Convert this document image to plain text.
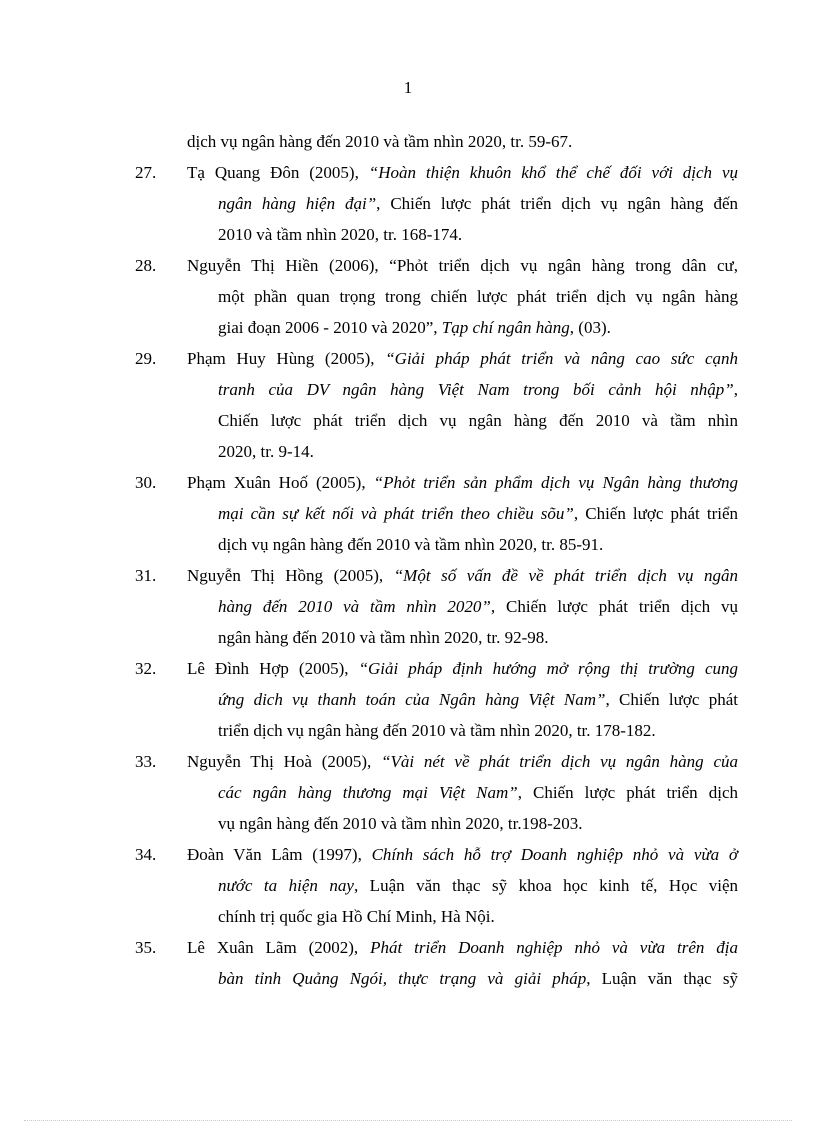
1
dịch vụ ngân hàng đến 2010 và tầm nhìn 2020, tr. 59-67.
27. Tạ Quang Đôn (2005), “Hoàn thiện khuôn khổ thể chế đối với dịch vụ
ngân hàng hiện đại”, Chiến lược phát triển dịch vụ ngân hàng đến
2010 và tầm nhìn 2020, tr. 168-174.
28. Nguyễn Thị Hiền (2006), “Phỏt triển dịch vụ ngân hàng trong dân cư,
một phần quan trọng trong chiến lược phát triển dịch vụ ngân hàng
giai đoạn 2006 - 2010 và 2020”, Tạp chí ngân hàng, (03).
29. Phạm Huy Hùng (2005), “Giải pháp phát triển và nâng cao sức cạnh
tranh của DV ngân hàng Việt Nam trong bối cảnh hội nhập”,
Chiến lược phát triển dịch vụ ngân hàng đến 2010 và tầm nhìn
2020, tr. 9-14.
30. Phạm Xuân Hoố (2005), “Phỏt triển sản phẩm dịch vụ Ngân hàng thương
mại cần sự kết nối và phát triển theo chiều sõu”, Chiến lược phát triển
dịch vụ ngân hàng đến 2010 và tầm nhìn 2020, tr. 85-91.
31. Nguyễn Thị Hồng (2005), “Một số vấn đề về phát triển dịch vụ ngân
hàng đến 2010 và tầm nhìn 2020”, Chiến lược phát triển dịch vụ
ngân hàng đến 2010 và tầm nhìn 2020, tr. 92-98.
32. Lê Đình Hợp (2005), “Giải pháp định hướng mở rộng thị trường cung
ứng dich vụ thanh toán của Ngân hàng Việt Nam”, Chiến lược phát
triển dịch vụ ngân hàng đến 2010 và tầm nhìn 2020, tr. 178-182.
33. Nguyễn Thị Hoà (2005), “Vài nét về phát triển dịch vụ ngân hàng của
các ngân hàng thương mại Việt Nam”, Chiến lược phát triển dịch
vụ ngân hàng đến 2010 và tầm nhìn 2020, tr.198-203.
34. Đoàn Văn Lâm (1997), Chính sách hỗ trợ Doanh nghiệp nhỏ và vừa ở
nước ta hiện nay, Luận văn thạc sỹ khoa học kinh tế, Học viện
chính trị quốc gia Hồ Chí Minh, Hà Nội.
35. Lê Xuân Lãm (2002), Phát triển Doanh nghiệp nhỏ và vừa trên địa
bàn tỉnh Quảng Ngói, thực trạng và giải pháp, Luận văn thạc sỹ
